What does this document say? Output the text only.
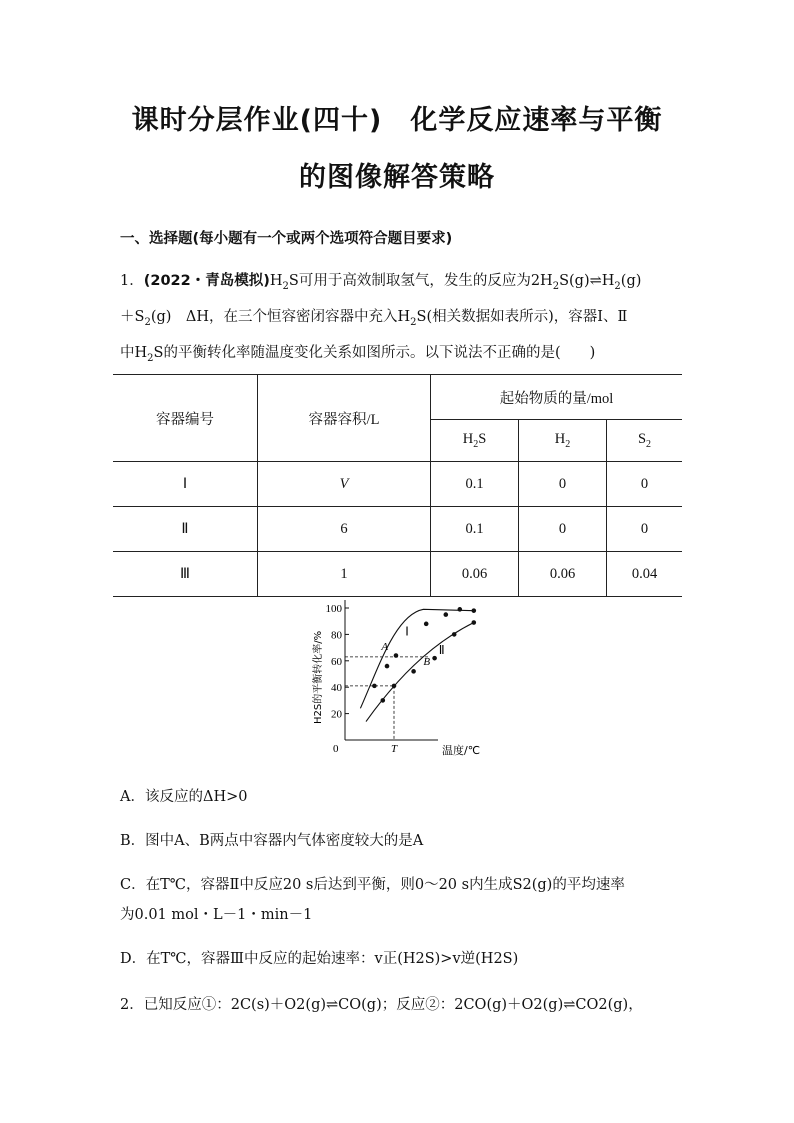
课时分层作业(四十)　化学反应速率与平衡
的图像解答策略
一、选择题(每小题有一个或两个选项符合题目要求)
1．(2022・青岛模拟)$H_2S$可用于高效制取氢气，发生的反应为$2H_2S(g)\rightleftharpoons H_2(g)$
$+S_2(g)$　ΔH，在三个恒容密闭容器中充入$H_2S$(相关数据如表所示)，容器Ⅰ、Ⅱ
中$H_2S$的平衡转化率随温度变化关系如图所示。以下说法不正确的是(　　)
容器编号	容器容积/L	起始物质的量/mol		
		$H_2S$	$H_2$	$S_2$
Ⅰ	V	0.1	0	0
Ⅱ	6	0.1	0	0
Ⅲ	1	0.06	0.06	0.04
20
40
60
80
100
0	温度/℃
H2S的平衡转化率/%
T
Ⅰ
Ⅱ
A
B
A．该反应的ΔH>0
B．图中A、B两点中容器内气体密度较大的是A
C．在T℃，容器Ⅱ中反应20 s后达到平衡，则0～20 s内生成S2(g)的平均速率
为0.01 mol・L－1・min－1
D．在T℃，容器Ⅲ中反应的起始速率：v正(H2S)>v逆(H2S)
2．已知反应①：2C(s)＋O2(g)⇌CO(g)；反应②：2CO(g)＋O2(g)⇌CO2(g)，
